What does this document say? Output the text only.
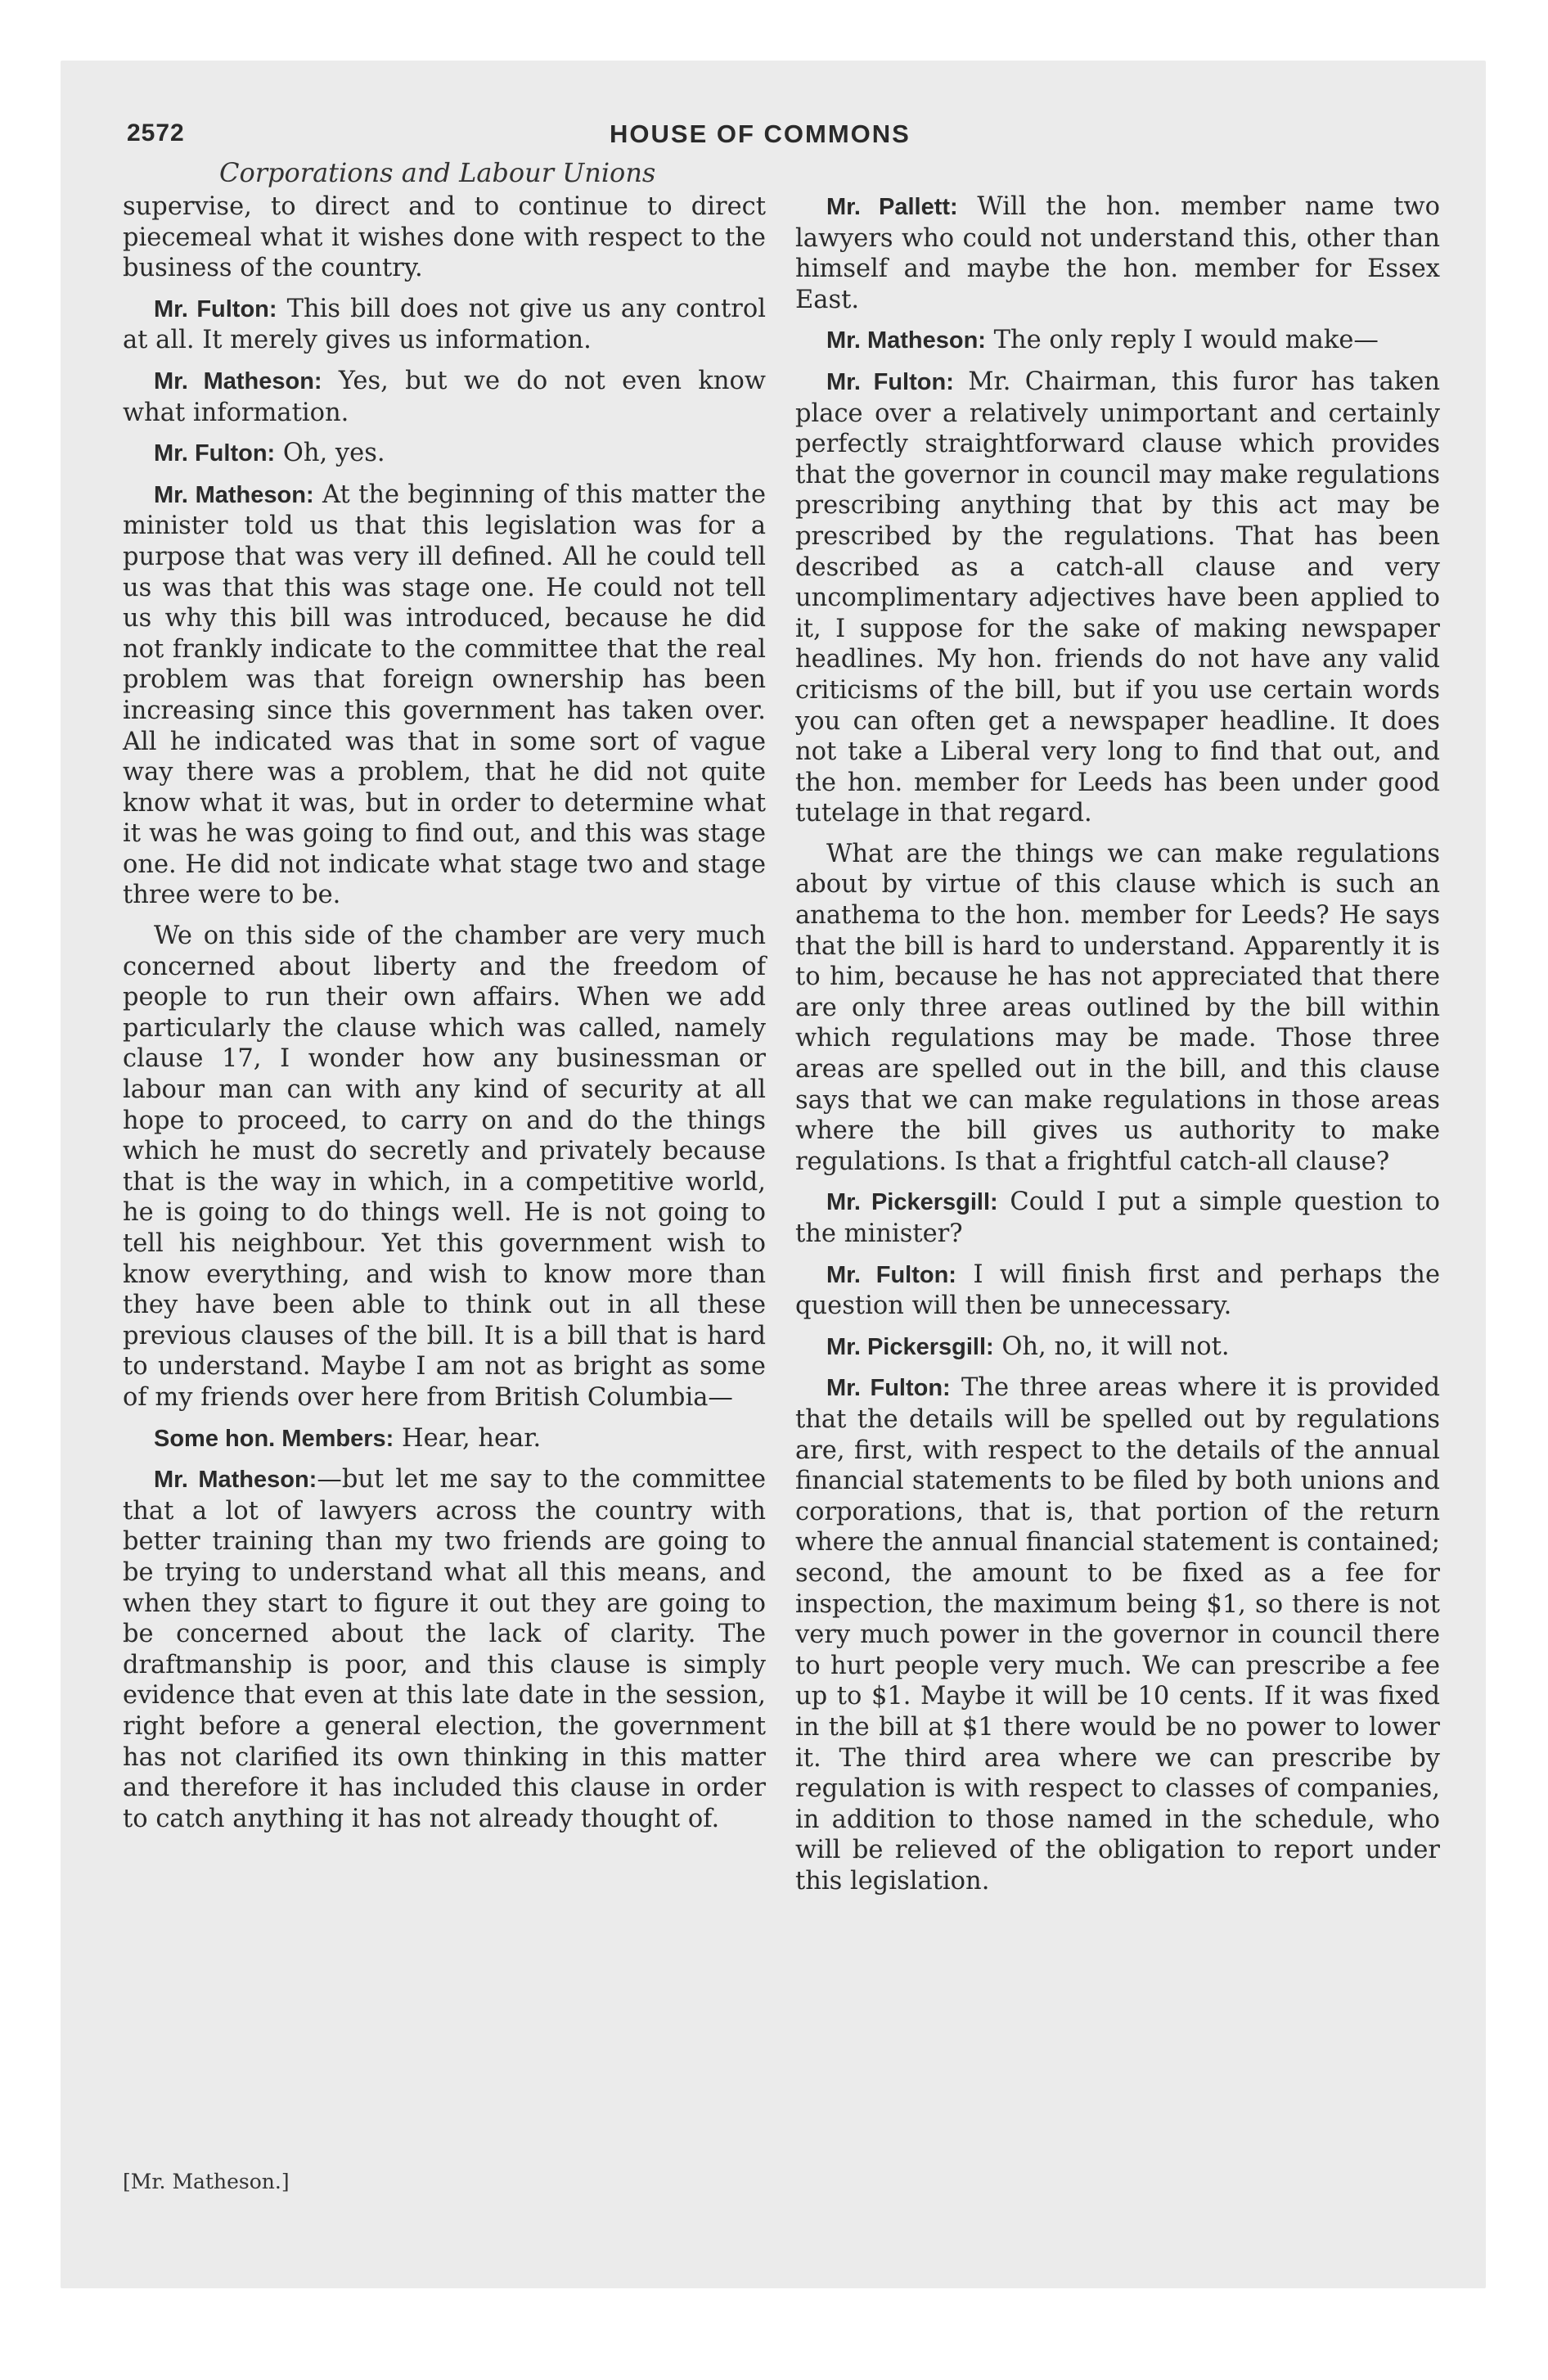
2572	HOUSE OF COMMONS
Corporations and Labour Unions

supervise, to direct and to continue to direct piecemeal what it wishes done with respect to the business of the country.

Mr. Fulton: This bill does not give us any control at all. It merely gives us information.

Mr. Matheson: Yes, but we do not even know what information.

Mr. Fulton: Oh, yes.

Mr. Matheson: At the beginning of this matter the minister told us that this legislation was for a purpose that was very ill defined. All he could tell us was that this was stage one. He could not tell us why this bill was introduced, because he did not frankly indicate to the committee that the real problem was that foreign ownership has been increasing since this government has taken over. All he indicated was that in some sort of vague way there was a problem, that he did not quite know what it was, but in order to determine what it was he was going to find out, and this was stage one. He did not indicate what stage two and stage three were to be.

We on this side of the chamber are very much concerned about liberty and the freedom of people to run their own affairs. When we add particularly the clause which was called, namely clause 17, I wonder how any businessman or labour man can with any kind of security at all hope to proceed, to carry on and do the things which he must do secretly and privately because that is the way in which, in a competitive world, he is going to do things well. He is not going to tell his neighbour. Yet this government wish to know everything, and wish to know more than they have been able to think out in all these previous clauses of the bill. It is a bill that is hard to understand. Maybe I am not as bright as some of my friends over here from British Columbia—

Some hon. Members: Hear, hear.

Mr. Matheson:—but let me say to the committee that a lot of lawyers across the country with better training than my two friends are going to be trying to understand what all this means, and when they start to figure it out they are going to be concerned about the lack of clarity. The draftmanship is poor, and this clause is simply evidence that even at this late date in the session, right before a general election, the government has not clarified its own thinking in this matter and therefore it has included this clause in order to catch anything it has not already thought of.

Mr. Pallett: Will the hon. member name two lawyers who could not understand this, other than himself and maybe the hon. member for Essex East.

Mr. Matheson: The only reply I would make—

Mr. Fulton: Mr. Chairman, this furor has taken place over a relatively unimportant and certainly perfectly straightforward clause which provides that the governor in council may make regulations prescribing anything that by this act may be prescribed by the regulations. That has been described as a catch-all clause and very uncomplimentary adjectives have been applied to it, I suppose for the sake of making newspaper headlines. My hon. friends do not have any valid criticisms of the bill, but if you use certain words you can often get a newspaper headline. It does not take a Liberal very long to find that out, and the hon. member for Leeds has been under good tutelage in that regard.

What are the things we can make regulations about by virtue of this clause which is such an anathema to the hon. member for Leeds? He says that the bill is hard to understand. Apparently it is to him, because he has not appreciated that there are only three areas outlined by the bill within which regulations may be made. Those three areas are spelled out in the bill, and this clause says that we can make regulations in those areas where the bill gives us authority to make regulations. Is that a frightful catch-all clause?

Mr. Pickersgill: Could I put a simple question to the minister?

Mr. Fulton: I will finish first and perhaps the question will then be unnecessary.

Mr. Pickersgill: Oh, no, it will not.

Mr. Fulton: The three areas where it is provided that the details will be spelled out by regulations are, first, with respect to the details of the annual financial statements to be filed by both unions and corporations, that is, that portion of the return where the annual financial statement is contained; second, the amount to be fixed as a fee for inspection, the maximum being $1, so there is not very much power in the governor in council there to hurt people very much. We can prescribe a fee up to $1. Maybe it will be 10 cents. If it was fixed in the bill at $1 there would be no power to lower it. The third area where we can prescribe by regulation is with respect to classes of companies, in addition to those named in the schedule, who will be relieved of the obligation to report under this legislation.

[Mr. Matheson.]
